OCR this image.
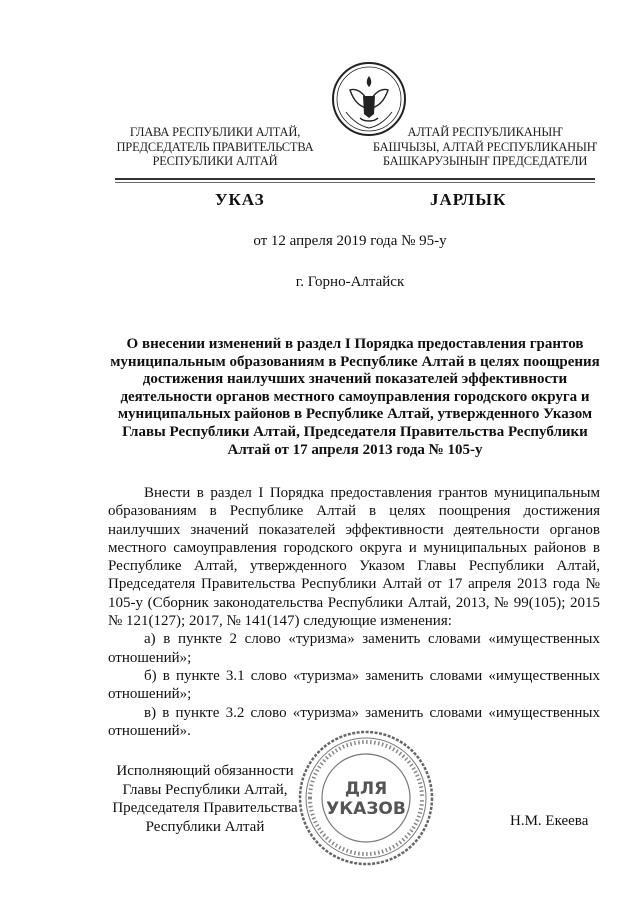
ГЛАВА РЕСПУБЛИКИ АЛТАЙ,
ПРЕДСЕДАТЕЛЬ ПРАВИТЕЛЬСТВА
РЕСПУБЛИКИ АЛТАЙ
АЛТАЙ РЕСПУБЛИКАНЫҤ
БАШЧЫЗЫ, АЛТАЙ РЕСПУБЛИКАНЫҤ
БАШКАРУЗЫНЫҤ ПРЕДСЕДАТЕЛИ
УКАЗ	ЈАРЛЫК
от 12 апреля 2019 года № 95-у
г. Горно-Алтайск
О внесении изменений в раздел I Порядка предоставления грантов муниципальным образованиям в Республике Алтай в целях поощрения достижения наилучших значений показателей эффективности деятельности органов местного самоуправления городского округа и муниципальных районов в Республике Алтай, утвержденного Указом Главы Республики Алтай, Председателя Правительства Республики Алтай от 17 апреля 2013 года № 105-у

Внести в раздел I Порядка предоставления грантов муниципальным образованиям в Республике Алтай в целях поощрения достижения наилучших значений показателей эффективности деятельности органов местного самоуправления городского округа и муниципальных районов в Республике Алтай, утвержденного Указом Главы Республики Алтай, Председателя Правительства Республики Алтай от 17 апреля 2013 года № 105-у (Сборник законодательства Республики Алтай, 2013, № 99(105); 2015 № 121(127); 2017, № 141(147) следующие изменения:

а) в пункте 2 слово «туризма» заменить словами «имущественных отношений»;

б) в пункте 3.1 слово «туризма» заменить словами «имущественных отношений»;

в) в пункте 3.2 слово «туризма» заменить словами «имущественных отношений».

Исполняющий обязанности
Главы Республики Алтай,
Председателя Правительства
Республики Алтай
ДЛЯ
УКАЗОВ
Н.М. Екеева
